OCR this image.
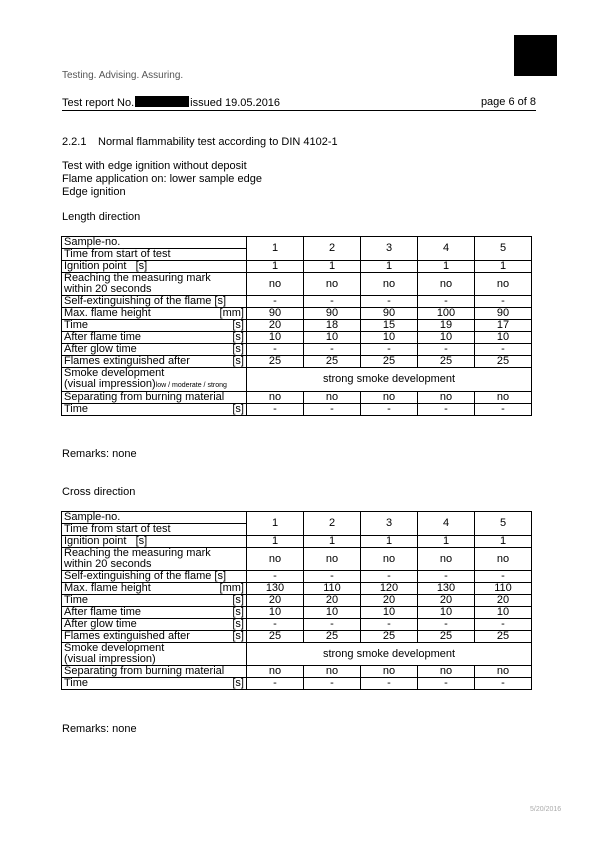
Testing. Advising. Assuring.
Test report No.	issued 19.05.2016	page 6 of 8
2.2.1 Normal flammability test according to DIN 4102-1
Test with edge ignition without deposit
Flame application on: lower sample edge
Edge ignition
Length direction
Sample-no.	1	2	3	4	5
Time from start of test					
Ignition point [s]	1	1	1	1	1

Reaching the measuring mark
within 20 seconds	no	no	no	no	no
Self-extinguishing of the flame [s]	-	-	-	-	-
Max. flame height [mm]	90	90	90	100	90
Time [s]	20	18	15	19	17
After flame time [s]	10	10	10	10	10
After glow time [s]	-	-	-	-	-
Flames extinguished after [s]	25	25	25	25	25

Smoke development
(visual impression)low / moderate / strong	strong smoke development				
Separating from burning material	no	no	no	no	no
Time [s]	-	-	-	-	-
Remarks: none
Cross direction
Sample-no.	1	2	3	4	5
Time from start of test					
Ignition point [s]	1	1	1	1	1

Reaching the measuring mark
within 20 seconds	no	no	no	no	no
Self-extinguishing of the flame [s]	-	-	-	-	-
Max. flame height [mm]	130	110	120	130	110
Time [s]	20	20	20	20	20
After flame time [s]	10	10	10	10	10
After glow time [s]	-	-	-	-	-
Flames extinguished after [s]	25	25	25	25	25

Smoke development
(visual impression)	strong smoke development				
Separating from burning material	no	no	no	no	no
Time [s]	-	-	-	-	-
Remarks: none
5/20/2016
